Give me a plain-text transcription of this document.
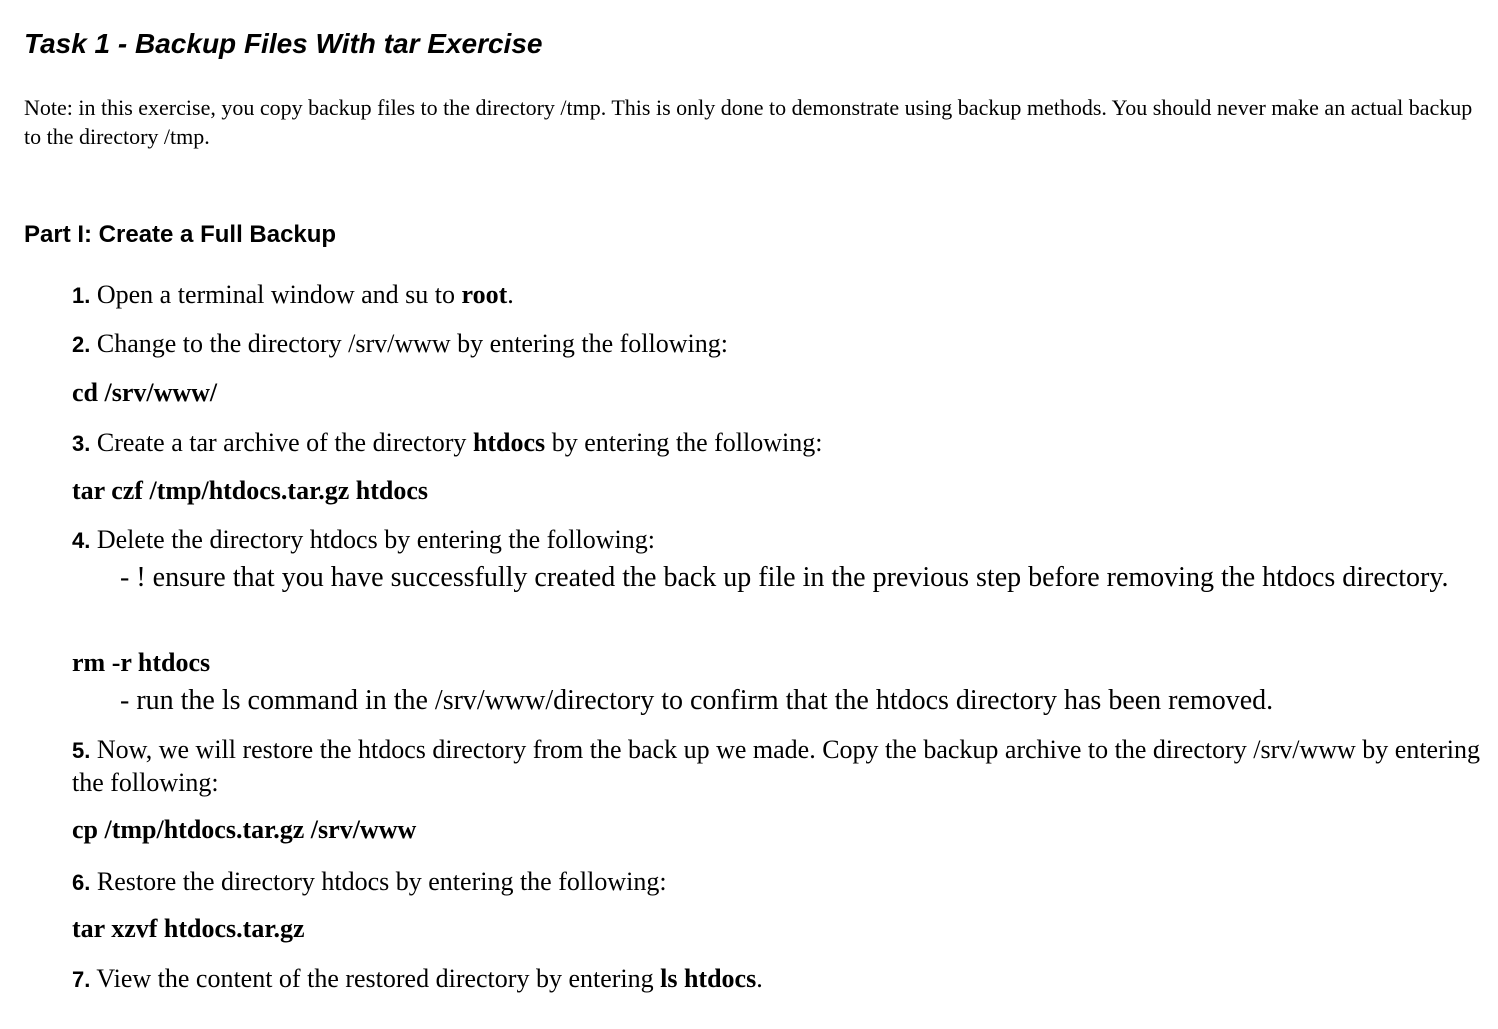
Task 1 - Backup Files With tar Exercise
Note: in this exercise, you copy backup files to the directory /tmp. This is only done to demonstrate using backup methods. You should never make an actual backup to the directory /tmp.
Part I: Create a Full Backup
1. Open a terminal window and su to root.
2. Change to the directory /srv/www by entering the following:
cd /srv/www/
3. Create a tar archive of the directory htdocs by entering the following:
tar czf /tmp/htdocs.tar.gz htdocs
4. Delete the directory htdocs by entering the following:
- ! ensure that you have successfully created the back up file in the previous step before removing the htdocs directory.
rm -r htdocs
- run the ls command in the /srv/www/directory to confirm that the htdocs directory has been removed.
5. Now, we will restore the htdocs directory from the back up we made. Copy the backup archive to the directory /srv/www by entering the following:
cp /tmp/htdocs.tar.gz /srv/www
6. Restore the directory htdocs by entering the following:
tar xzvf htdocs.tar.gz
7. View the content of the restored directory by entering ls htdocs.
